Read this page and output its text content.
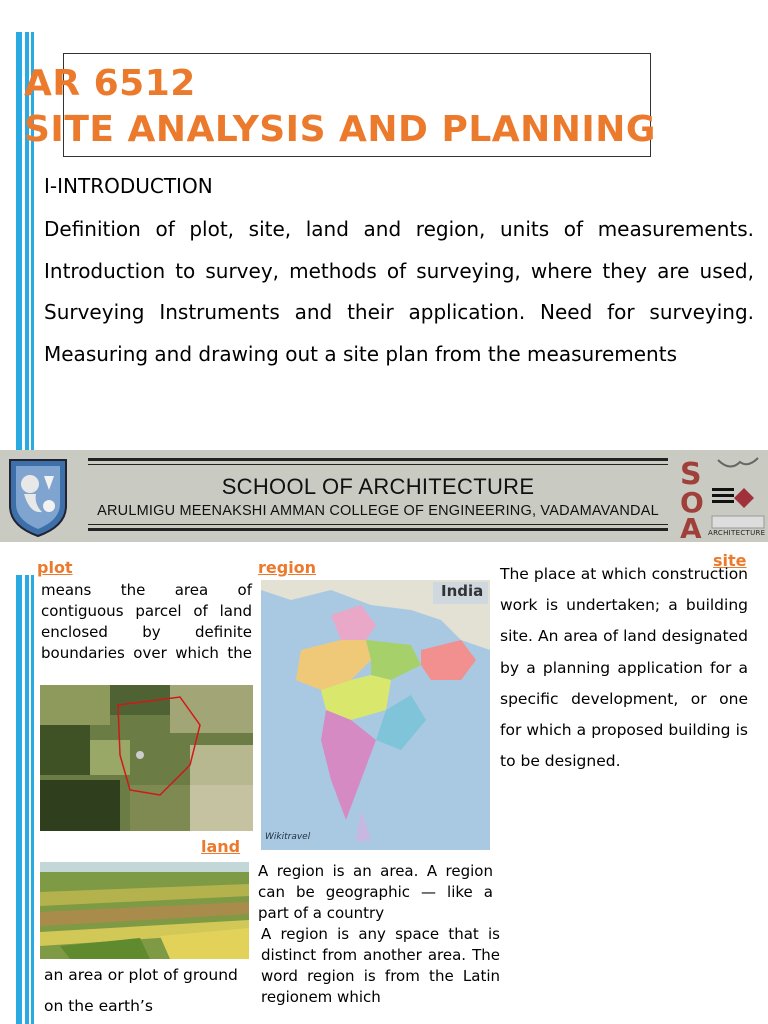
AR 6512
SITE ANALYSIS AND PLANNING
I-INTRODUCTION
Definition of plot, site, land and region, units of measurements. Introduction to survey, methods of surveying, where they are used, Surveying Instruments and their application. Need for surveying. Measuring and drawing out a site plan from the measurements
S
O
A ARCHITECTURE
SCHOOL OF ARCHITECTURE
ARULMIGU MEENAKSHI AMMAN COLLEGE OF ENGINEERING, VADAMAVANDAL
plot
means the area of contiguous parcel of land enclosed by definite boundaries over which the
land
an area or plot of ground on the earth’s
region
India
Wikitravel
A region is an area. A region can be geographic — like a part of a country
A region is any space that is distinct from another area. The word region is from the Latin regionem which
site
The place at which construction work is undertaken; a building site. An area of land designated by a planning application for a specific development, or one for which a proposed building is to be designed.
C B
D A
